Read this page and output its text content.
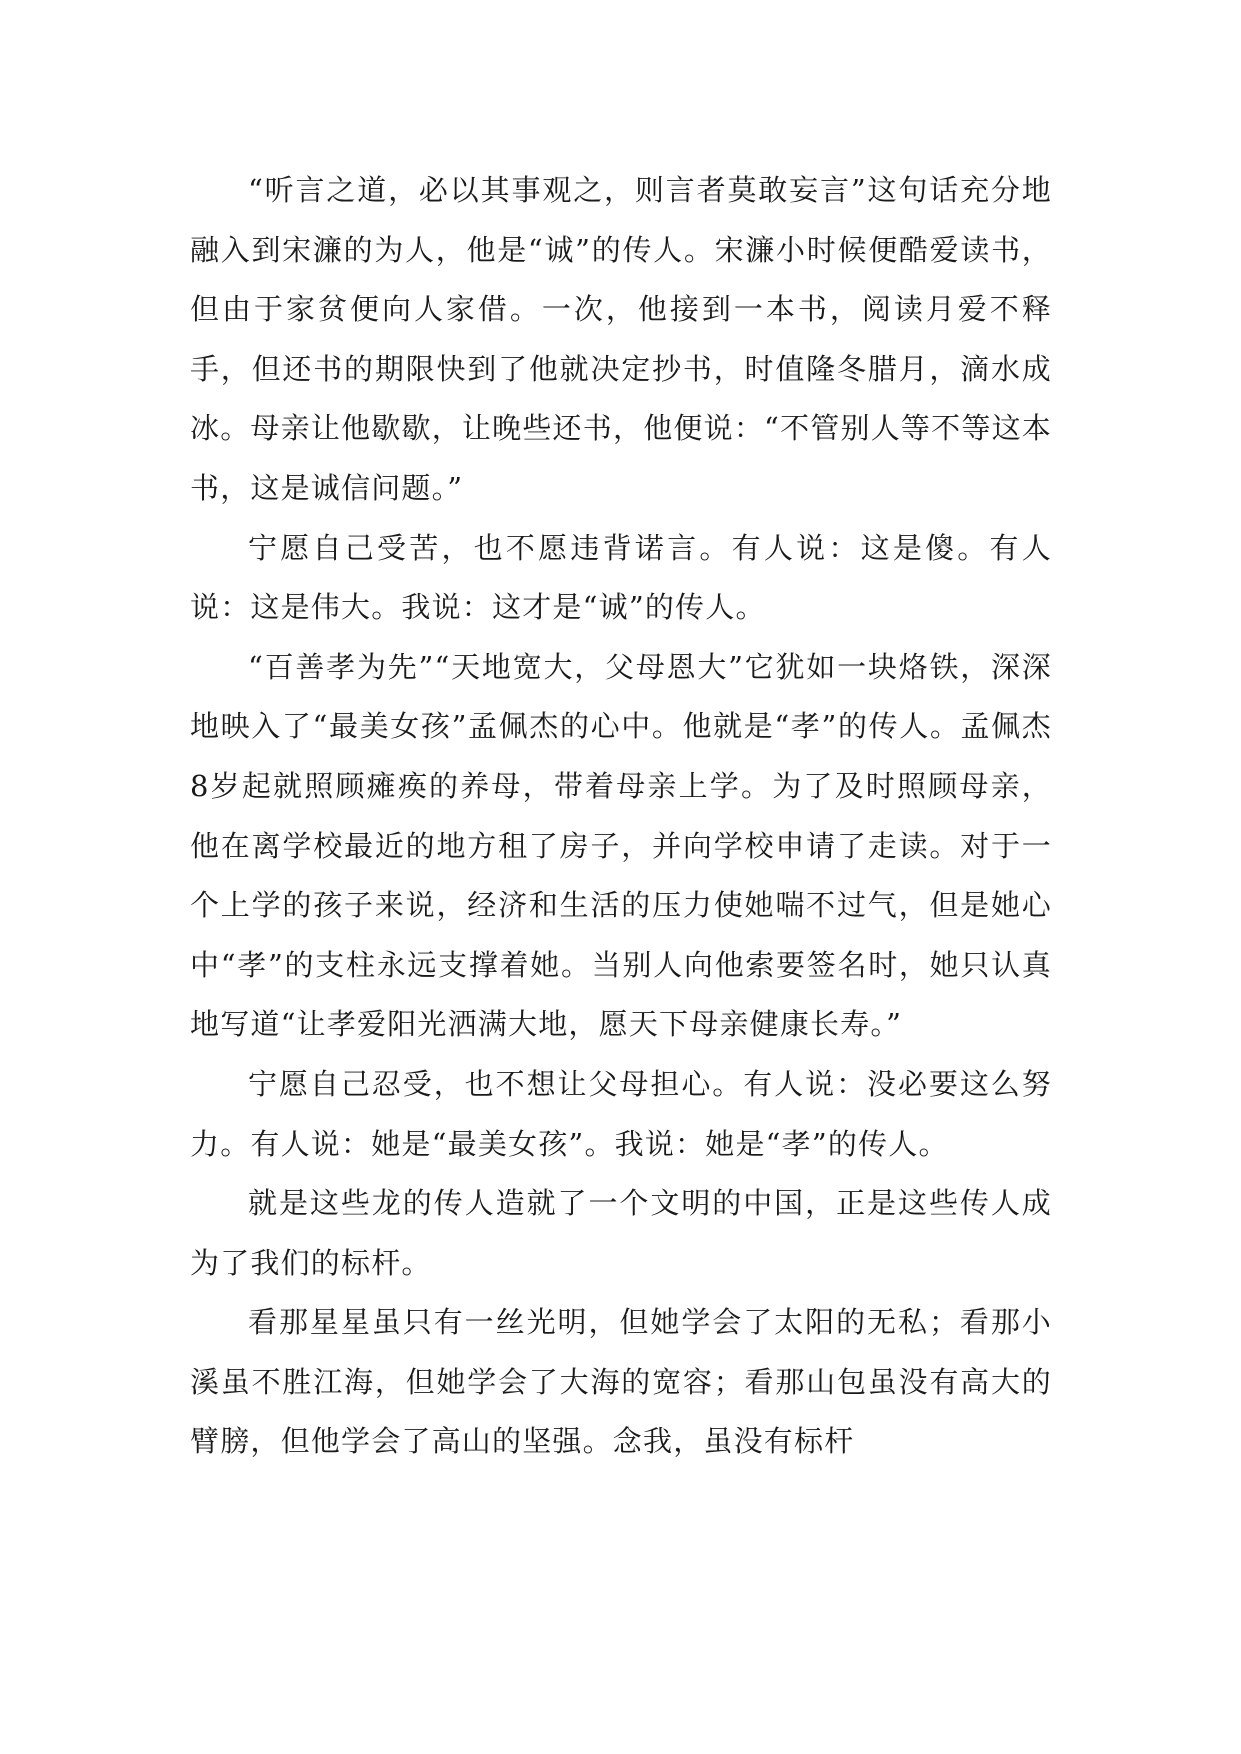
“听言之道，必以其事观之，则言者莫敢妄言”这句话充分地融入到宋濂的为人，他是“诚”的传人。宋濂小时候便酷爱读书，但由于家贫便向人家借。一次，他接到一本书，阅读月爱不释手，但还书的期限快到了他就决定抄书，时值隆冬腊月，滴水成冰。母亲让他歇歇，让晚些还书，他便说：“不管别人等不等这本书，这是诚信问题。”

宁愿自己受苦，也不愿违背诺言。有人说：这是傻。有人说：这是伟大。我说：这才是“诚”的传人。

“百善孝为先”“天地宽大，父母恩大”它犹如一块烙铁，深深地映入了“最美女孩”孟佩杰的心中。他就是“孝”的传人。孟佩杰8岁起就照顾瘫痪的养母，带着母亲上学。为了及时照顾母亲，他在离学校最近的地方租了房子，并向学校申请了走读。对于一个上学的孩子来说，经济和生活的压力使她喘不过气，但是她心中“孝”的支柱永远支撑着她。当别人向他索要签名时，她只认真地写道“让孝爱阳光洒满大地，愿天下母亲健康长寿。”

宁愿自己忍受，也不想让父母担心。有人说：没必要这么努力。有人说：她是“最美女孩”。我说：她是“孝”的传人。

就是这些龙的传人造就了一个文明的中国，正是这些传人成为了我们的标杆。

看那星星虽只有一丝光明，但她学会了太阳的无私；看那小溪虽不胜江海，但她学会了大海的宽容；看那山包虽没有高大的臂膀，但他学会了高山的坚强。念我，虽没有标杆
